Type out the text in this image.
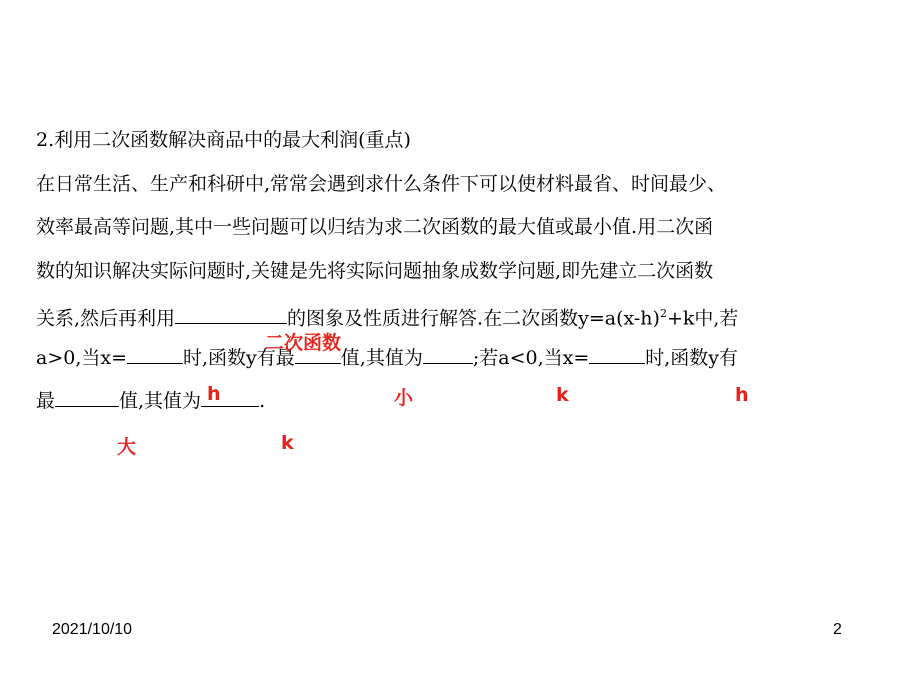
2.利用二次函数解决商品中的最大利润(重点)
在日常生活、生产和科研中,常常会遇到求什么条件下可以使材料最省、时间最少、
效率最高等问题,其中一些问题可以归结为求二次函数的最大值或最小值.用二次函
数的知识解决实际问题时,关键是先将实际问题抽象成数学问题,即先建立二次函数
关系,然后再利用	的图象及性质进行解答.在二次函数$y=a(x-h)^2+k$中,若
a>0,当x=	时,函数y有最 值,其值为	;若a<0,当x=	时,函数y有
最	值,其值为	.
二次函数
h	小	k	h
大	k
2021/10/10	2
